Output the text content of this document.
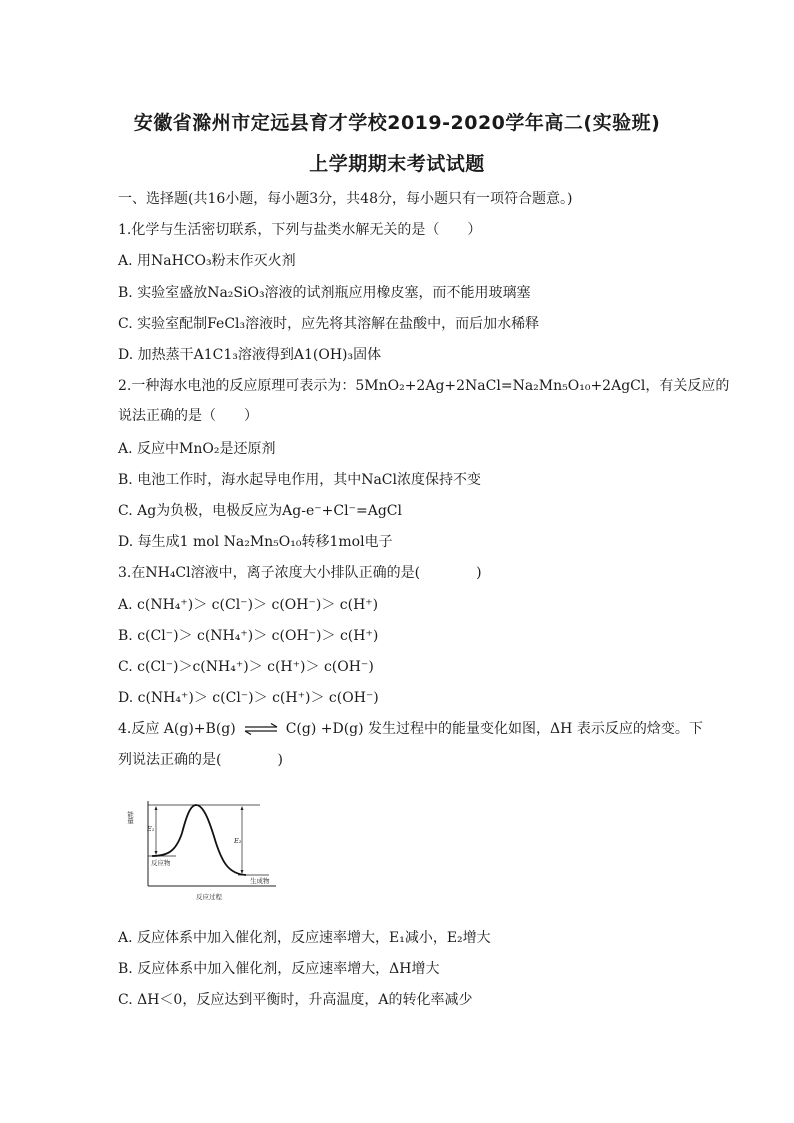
安徽省滁州市定远县育才学校2019-2020学年高二(实验班)
上学期期末考试试题
一、选择题(共16小题，每小题3分，共48分，每小题只有一项符合题意。)
1.化学与生活密切联系，下列与盐类水解无关的是（　　）
A. 用NaHCO₃粉末作灭火剂
B. 实验室盛放Na₂SiO₃溶液的试剂瓶应用橡皮塞，而不能用玻璃塞
C. 实验室配制FeCl₃溶液时，应先将其溶解在盐酸中，而后加水稀释
D. 加热蒸干A1C1₃溶液得到A1(OH)₃固体
2.一种海水电池的反应原理可表示为：5MnO₂+2Ag+2NaCl=Na₂Mn₅O₁₀+2AgCl，有关反应的
说法正确的是（　　）
A. 反应中MnO₂是还原剂
B. 电池工作时，海水起导电作用，其中NaCl浓度保持不变
C. Ag为负极，电极反应为Ag-e⁻+Cl⁻=AgCl
D. 每生成1 mol Na₂Mn₅O₁₀转移1mol电子
3.在NH₄Cl溶液中，离子浓度大小排队正确的是(　　　　)
A. c(NH₄⁺)＞ c(Cl⁻)＞ c(OH⁻)＞ c(H⁺)
B. c(Cl⁻)＞ c(NH₄⁺)＞ c(OH⁻)＞ c(H⁺)
C. c(Cl⁻)＞c(NH₄⁺)＞ c(H⁺)＞ c(OH⁻)
D. c(NH₄⁺)＞ c(Cl⁻)＞ c(H⁺)＞ c(OH⁻)
4.反应 A(g)+B(g) ⇌ C(g) +D(g) 发生过程中的能量变化如图，ΔH 表示反应的焓变。下
列说法正确的是(　　　　)
能量
反应过程
E₁
E₂
反应物
生成物
A. 反应体系中加入催化剂，反应速率增大，E₁减小，E₂增大
B. 反应体系中加入催化剂，反应速率增大，ΔH增大
C. ΔH＜0，反应达到平衡时，升高温度，A的转化率减少
